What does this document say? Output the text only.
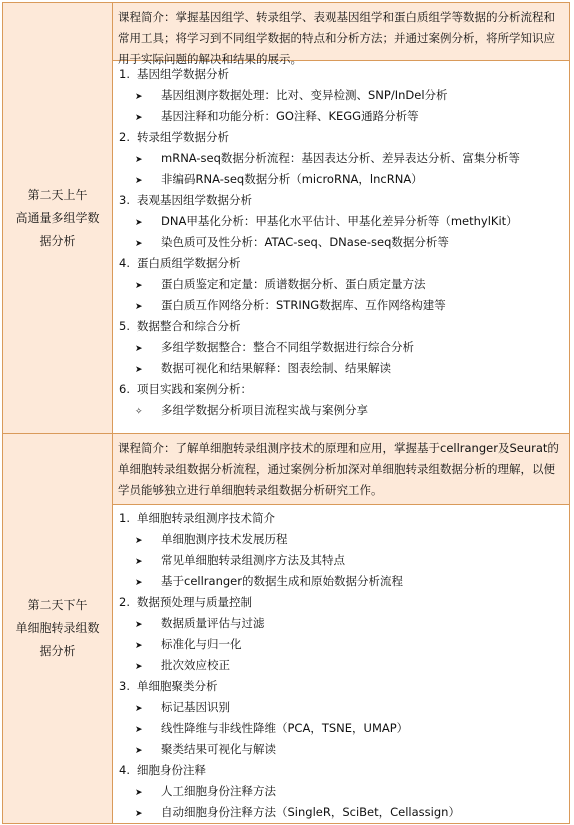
第二天上午
高通量多组学数
据分析
课程简介：掌握基因组学、转录组学、表观基因组学和蛋白质组学等数据的分析流程和常用工具；将学习到不同组学数据的特点和分析方法；并通过案例分析，将所学知识应用于实际问题的解决和结果的展示。
1. 基因组学数据分析
➤ 基因组测序数据处理：比对、变异检测、SNP/InDel分析
➤ 基因注释和功能分析：GO注释、KEGG通路分析等
2. 转录组学数据分析
➤ mRNA-seq数据分析流程：基因表达分析、差异表达分析、富集分析等
➤ 非编码RNA-seq数据分析（microRNA，lncRNA）
3. 表观基因组学数据分析
➤ DNA甲基化分析：甲基化水平估计、甲基化差异分析等（methylKit）
➤ 染色质可及性分析：ATAC-seq、DNase-seq数据分析等
4. 蛋白质组学数据分析
➤ 蛋白质鉴定和定量：质谱数据分析、蛋白质定量方法
➤ 蛋白质互作网络分析：STRING数据库、互作网络构建等
5. 数据整合和综合分析
➤ 多组学数据整合：整合不同组学数据进行综合分析
➤ 数据可视化和结果解释：图表绘制、结果解读
6. 项目实践和案例分析：
✧ 多组学数据分析项目流程实战与案例分享
第二天下午
单细胞转录组数
据分析
课程简介：了解单细胞转录组测序技术的原理和应用，掌握基于cellranger及Seurat的单细胞转录组数据分析流程，通过案例分析加深对单细胞转录组数据分析的理解，以便学员能够独立进行单细胞转录组数据分析研究工作。
1. 单细胞转录组测序技术简介
➤ 单细胞测序技术发展历程
➤ 常见单细胞转录组测序方法及其特点
➤ 基于cellranger的数据生成和原始数据分析流程
2. 数据预处理与质量控制
➤ 数据质量评估与过滤
➤ 标准化与归一化
➤ 批次效应校正
3. 单细胞聚类分析
➤ 标记基因识别
➤ 线性降维与非线性降维（PCA，TSNE，UMAP）
➤ 聚类结果可视化与解读
4. 细胞身份注释
➤ 人工细胞身份注释方法
➤ 自动细胞身份注释方法（SingleR，SciBet，Cellassign）
